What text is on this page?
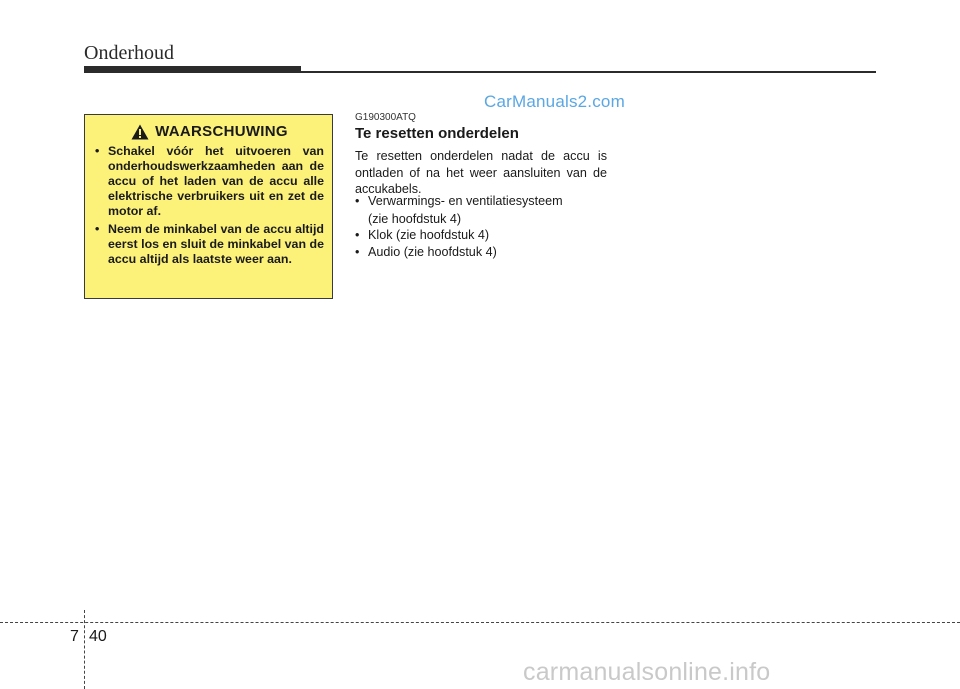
Onderhoud
CarManuals2.com
WAARSCHUWING
• Schakel vóór het uitvoeren van onderhoudswerkzaamheden aan de accu of het laden van de accu alle elektrische verbruikers uit en zet de motor af.
• Neem de minkabel van de accu altijd eerst los en sluit de minkabel van de accu altijd als laatste weer aan.
G190300ATQ
Te resetten onderdelen
Te resetten onderdelen nadat de accu is ontladen of na het weer aansluiten van de accukabels.
• Verwarmings- en ventilatiesysteem
(zie hoofdstuk 4)
• Klok (zie hoofdstuk 4)
• Audio (zie hoofdstuk 4)
7 40
carmanualsonline.info
